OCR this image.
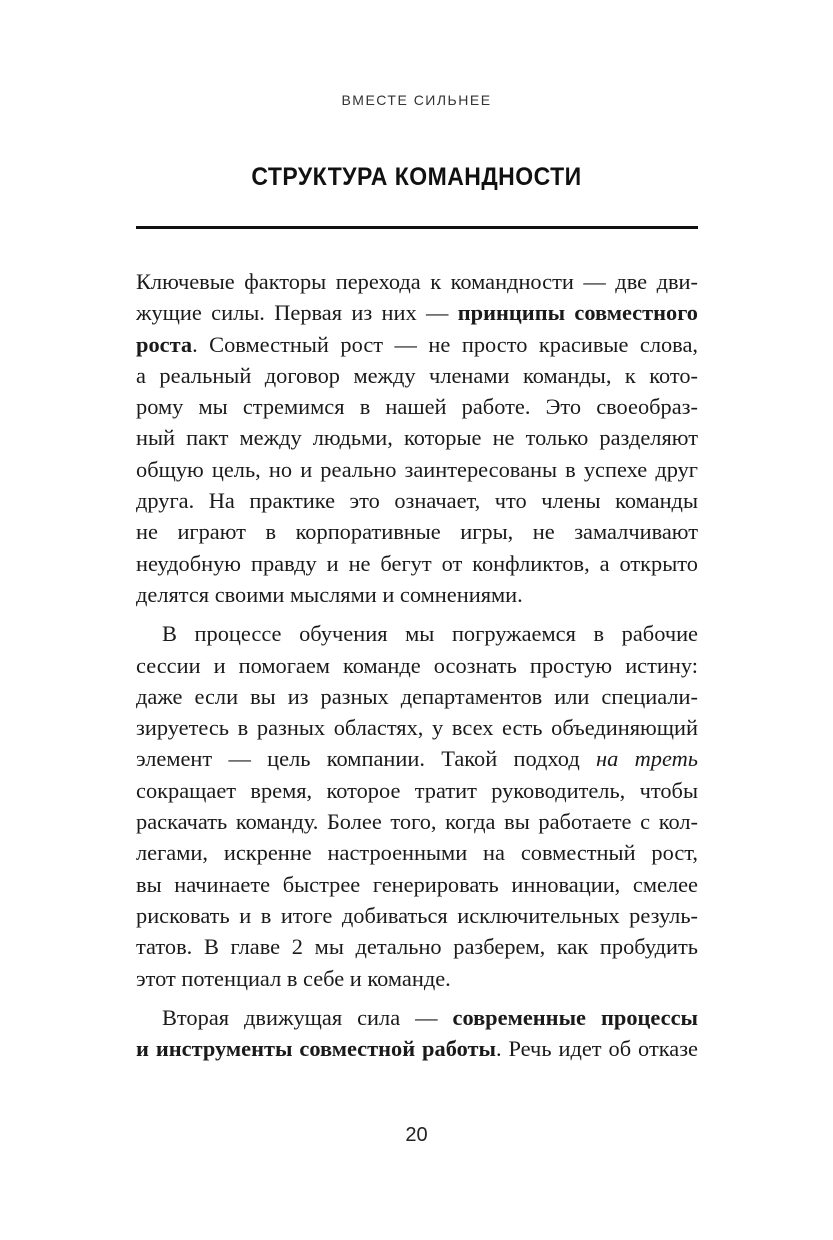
ВМЕСТЕ СИЛЬНЕЕ
СТРУКТУРА КОМАНДНОСТИ
Ключевые факторы перехода к командности — две дви-
жущие силы. Первая из них — принципы совместного
роста. Совместный рост — не просто красивые слова,
а реальный договор между членами команды, к кото-
рому мы стремимся в нашей работе. Это своеобраз-
ный пакт между людьми, которые не только разделяют
общую цель, но и реально заинтересованы в успехе друг
друга. На практике это означает, что члены команды
не играют в корпоративные игры, не замалчивают
неудобную правду и не бегут от конфликтов, а открыто
делятся своими мыслями и сомнениями.
В процессе обучения мы погружаемся в рабочие
сессии и помогаем команде осознать простую истину:
даже если вы из разных департаментов или специали-
зируетесь в разных областях, у всех есть объединяющий
элемент — цель компании. Такой подход на треть
сокращает время, которое тратит руководитель, чтобы
раскачать команду. Более того, когда вы работаете с кол-
легами, искренне настроенными на совместный рост,
вы начинаете быстрее генерировать инновации, смелее
рисковать и в итоге добиваться исключительных резуль-
татов. В главе 2 мы детально разберем, как пробудить
этот потенциал в себе и команде.
Вторая движущая сила — современные процессы
и инструменты совместной работы. Речь идет об отказе
20
